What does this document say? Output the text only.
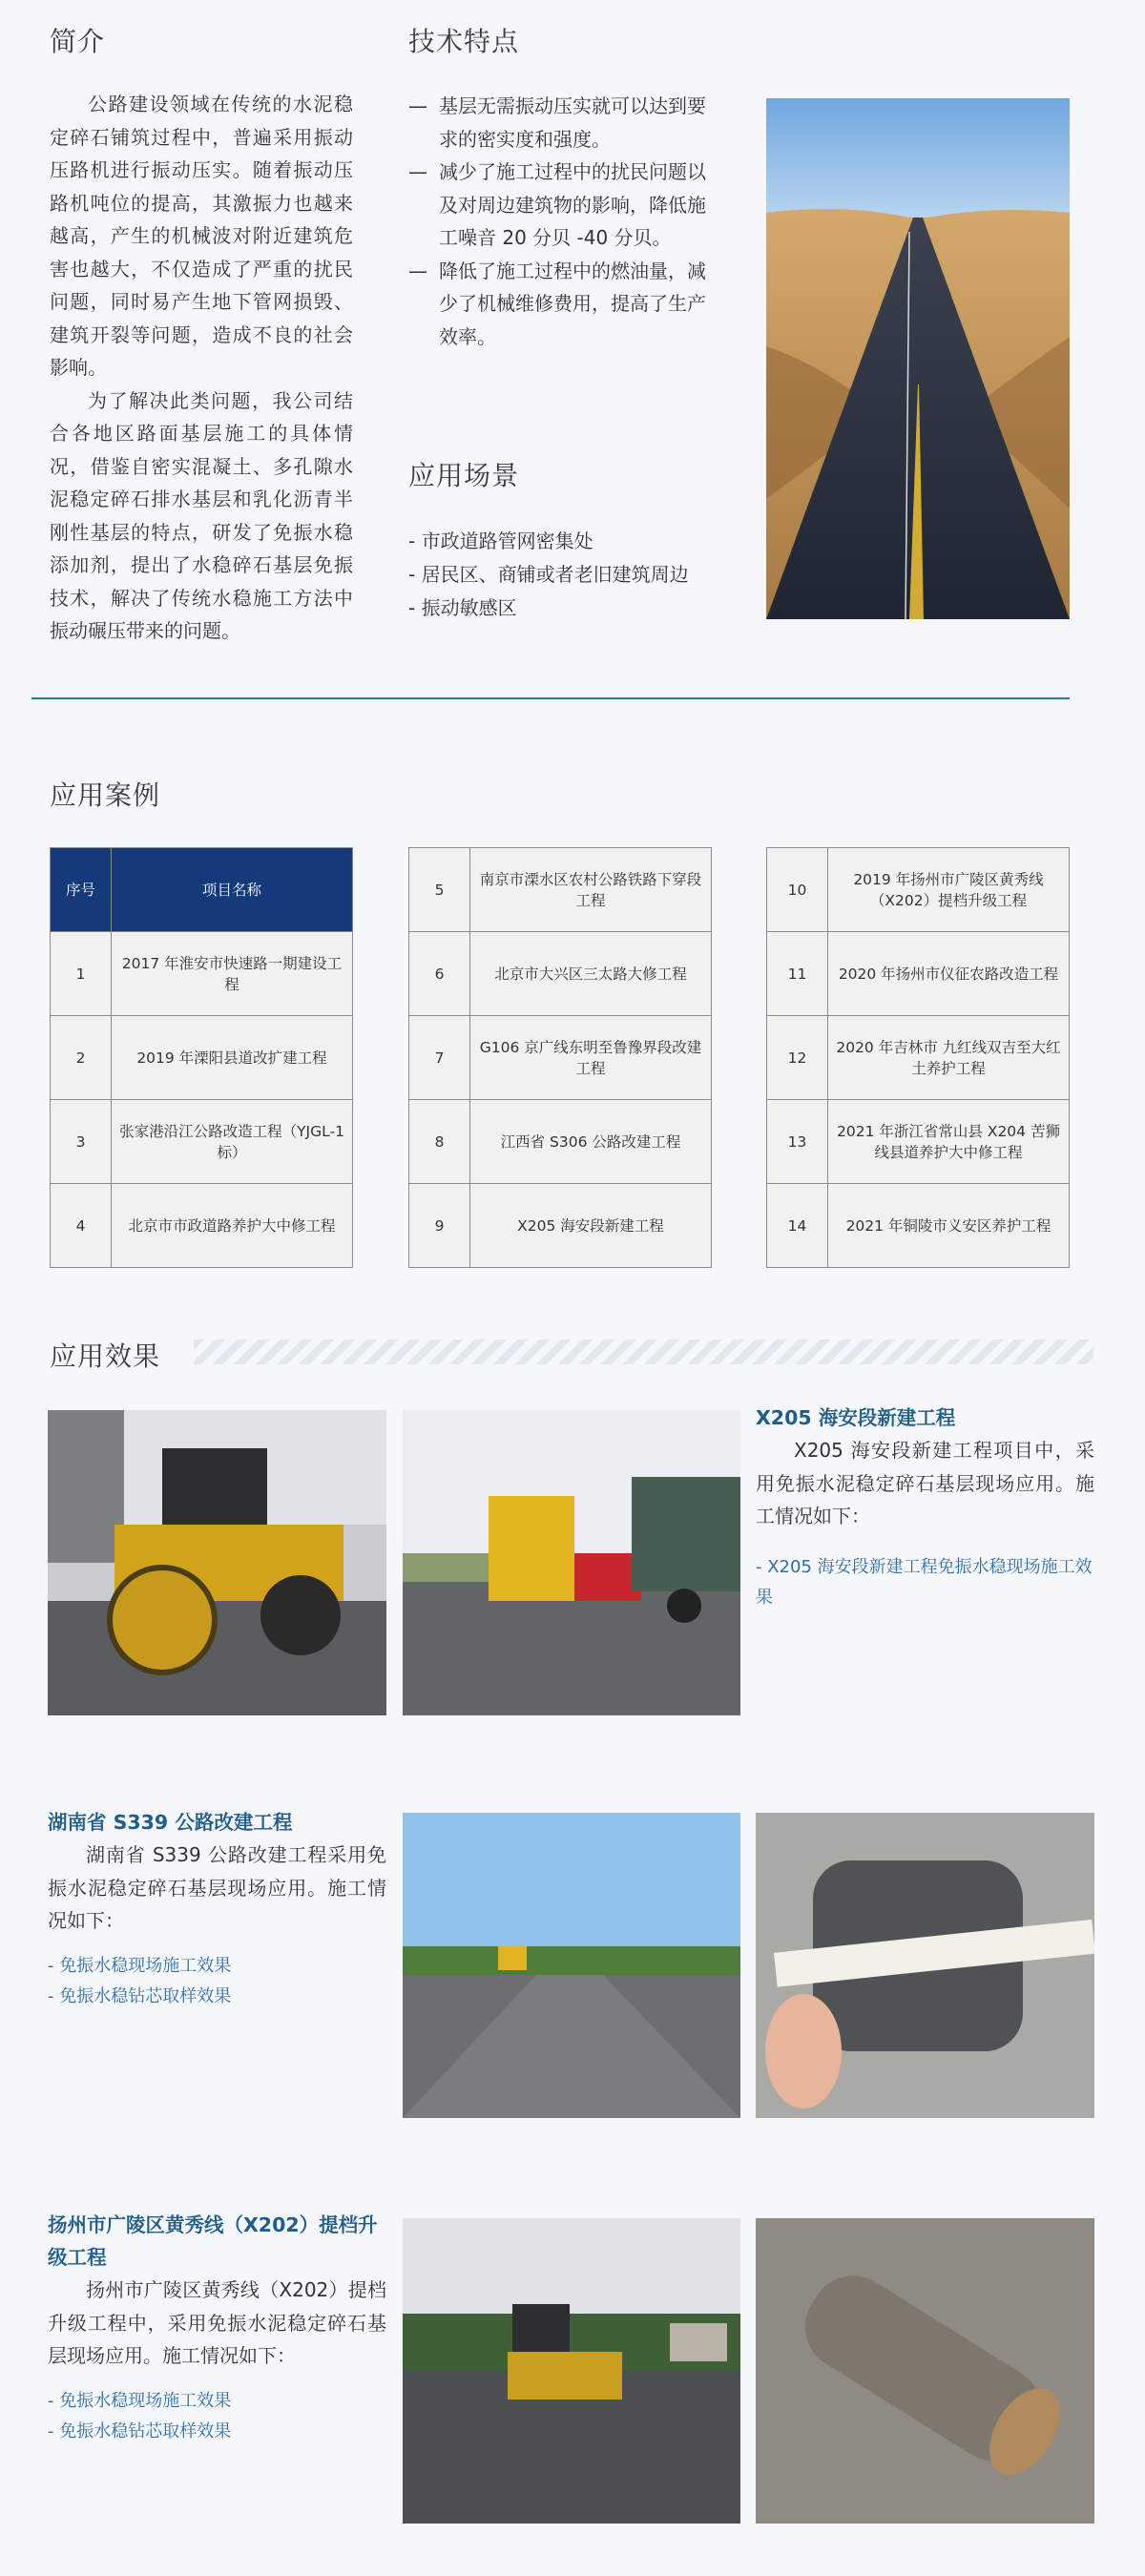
简介

公路建设领域在传统的水泥稳定碎石铺筑过程中，普遍采用振动压路机进行振动压实。随着振动压路机吨位的提高，其激振力也越来越高，产生的机械波对附近建筑危害也越大，不仅造成了严重的扰民问题，同时易产生地下管网损毁、建筑开裂等问题，造成不良的社会影响。

为了解决此类问题，我公司结合各地区路面基层施工的具体情况，借鉴自密实混凝土、多孔隙水泥稳定碎石排水基层和乳化沥青半刚性基层的特点，研发了免振水稳添加剂，提出了水稳碎石基层免振技术，解决了传统水稳施工方法中振动碾压带来的问题。

技术特点
— 基层无需振动压实就可以达到要求的密实度和强度。
— 减少了施工过程中的扰民问题以及对周边建筑物的影响，降低施工噪音 20 分贝 -40 分贝。
— 降低了施工过程中的燃油量，减少了机械维修费用，提高了生产效率。
应用场景
- 市政道路管网密集处
- 居民区、商铺或者老旧建筑周边
- 振动敏感区
应用案例
序号	项目名称
1	2017 年淮安市快速路一期建设工程
2	2019 年溧阳县道改扩建工程
3	张家港沿江公路改造工程（YJGL-1 标）
4	北京市市政道路养护大中修工程
5	南京市溧水区农村公路铁路下穿段工程
6	北京市大兴区三太路大修工程
7	G106 京广线东明至鲁豫界段改建工程
8	江西省 S306 公路改建工程
9	X205 海安段新建工程
10	2019 年扬州市广陵区黄秀线（X202）提档升级工程
11	2020 年扬州市仪征农路改造工程
12	2020 年吉林市 九红线双吉至大红土养护工程
13	2021 年浙江省常山县 X204 苦狮线县道养护大中修工程
14	2021 年铜陵市义安区养护工程
应用效果
X205 海安段新建工程

X205 海安段新建工程项目中，采用免振水泥稳定碎石基层现场应用。施工情况如下：

- X205 海安段新建工程免振水稳现场施工效果
湖南省 S339 公路改建工程

湖南省 S339 公路改建工程采用免振水泥稳定碎石基层现场应用。施工情况如下：

- 免振水稳现场施工效果
- 免振水稳钻芯取样效果
扬州市广陵区黄秀线（X202）提档升级工程

扬州市广陵区黄秀线（X202）提档升级工程中，采用免振水泥稳定碎石基层现场应用。施工情况如下：

- 免振水稳现场施工效果
- 免振水稳钻芯取样效果
